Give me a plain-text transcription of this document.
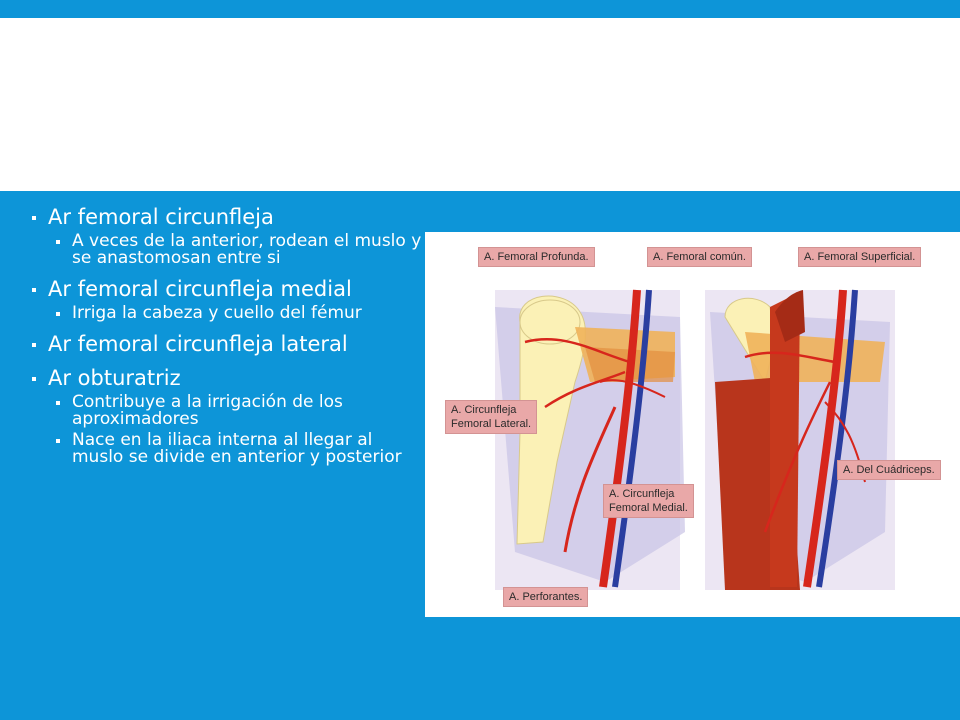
Ar femoral circunfleja
A veces de la anterior, rodean el muslo y se anastomosan entre si
Ar femoral circunfleja medial
Irriga la cabeza y cuello del fémur
Ar femoral circunfleja lateral
Ar obturatriz
Contribuye a la irrigación de los aproximadores
Nace en la iliaca interna al llegar al muslo se divide en anterior y posterior
A. Femoral Profunda.	A. Femoral común.	A. Femoral Superficial.
A. Circunfleja
Femoral Lateral.
A. Circunfleja
Femoral Medial.
A. Del Cuádriceps.
A. Perforantes.
